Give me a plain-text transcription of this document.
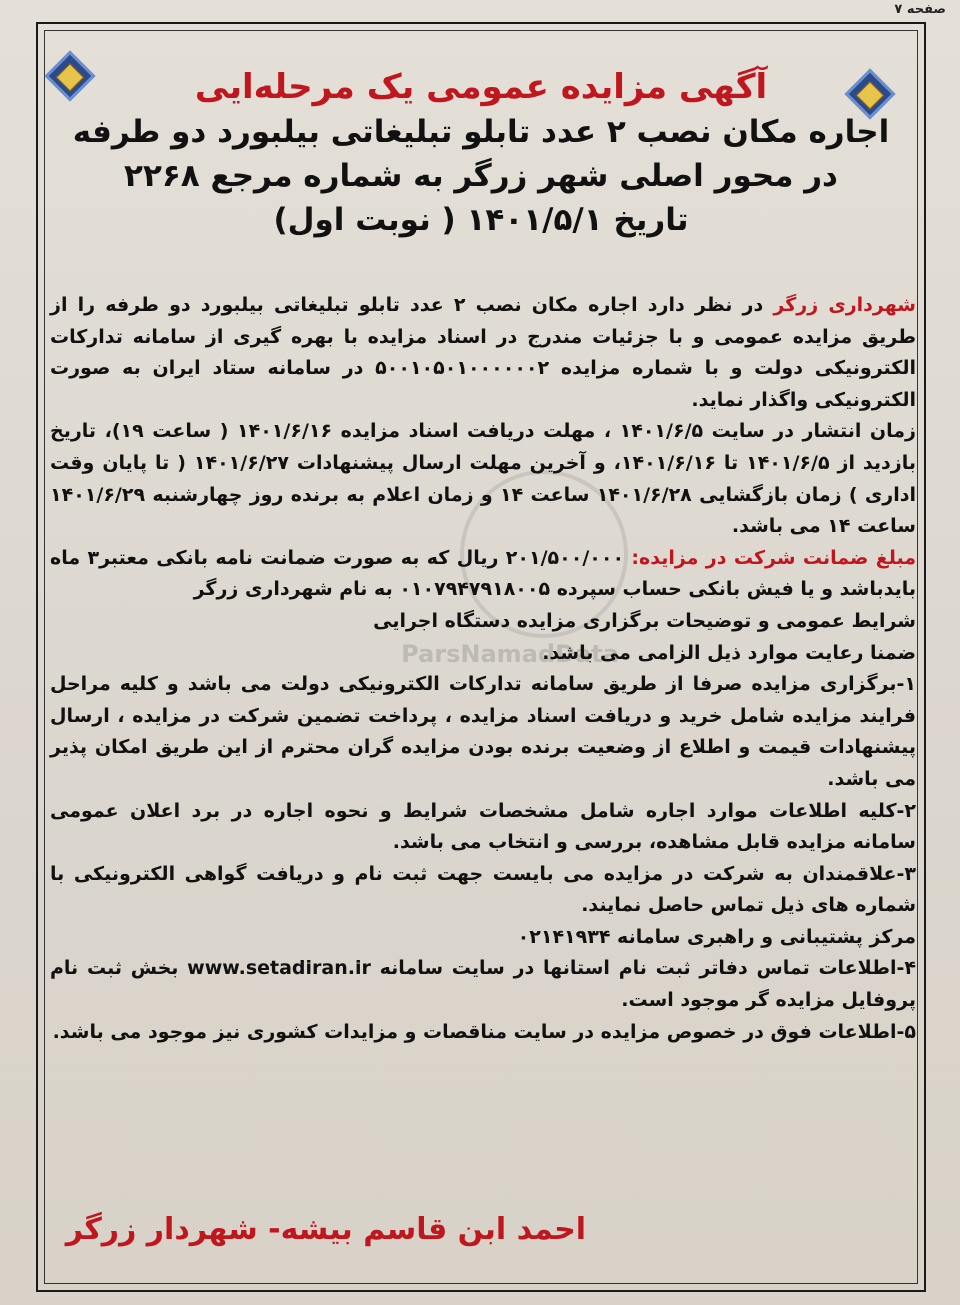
صفحه ۷
ParsNamadData
آگهی مزایده عمومی یک مرحله‌ایی
اجاره مکان نصب ۲ عدد تابلو تبلیغاتی بیلبورد دو طرفه
در محور اصلی شهر زرگر به شماره مرجع ۲۲۶۸
تاریخ ۱۴۰۱/۵/۱ ( نوبت اول)

شهرداری زرگر در نظر دارد اجاره مکان نصب ۲ عدد تابلو تبلیغاتی بیلبورد دو طرفه را از طریق مزایده عمومی و با جزئیات مندرج در اسناد مزایده با بهره گیری از سامانه تدارکات الکترونیکی دولت و با شماره مزایده ۵۰۰۱۰۵۰۱۰۰۰۰۰۰۲ در سامانه ستاد ایران به صورت الکترونیکی واگذار نماید.

زمان انتشار در سایت ۱۴۰۱/۶/۵ ، مهلت دریافت اسناد مزایده ۱۴۰۱/۶/۱۶ ( ساعت ۱۹)، تاریخ بازدید از ۱۴۰۱/۶/۵ تا ۱۴۰۱/۶/۱۶، و آخرین مهلت ارسال پیشنهادات ۱۴۰۱/۶/۲۷ ( تا پایان وقت اداری ) زمان بازگشایی ۱۴۰۱/۶/۲۸ ساعت ۱۴ و زمان اعلام به برنده روز چهارشنبه ۱۴۰۱/۶/۲۹ ساعت ۱۴ می باشد.

مبلغ ضمانت شرکت در مزایده: ۲۰۱/۵۰۰/۰۰۰ ریال که به صورت ضمانت نامه بانکی معتبر۳ ماه بایدباشد و یا فیش بانکی حساب سپرده ۰۱۰۷۹۴۷۹۱۸۰۰۵ به نام شهرداری زرگر

شرایط عمومی و توضیحات برگزاری مزایده دستگاه اجرایی

ضمنا رعایت موارد ذیل الزامی می باشد.

۱-برگزاری مزایده صرفا از طریق سامانه تدارکات الکترونیکی دولت می باشد و کلیه مراحل فرایند مزایده شامل خرید و دریافت اسناد مزایده ، پرداخت تضمین شرکت در مزایده ، ارسال پیشنهادات قیمت و اطلاع از وضعیت برنده بودن مزایده گران محترم از این طریق امکان پذیر می باشد.

۲-کلیه اطلاعات موارد اجاره شامل مشخصات شرایط و نحوه اجاره در برد اعلان عمومی سامانه مزایده قابل مشاهده، بررسی و انتخاب می باشد.

۳-علاقمندان به شرکت در مزایده می بایست جهت ثبت نام و دریافت گواهی الکترونیکی با شماره های ذیل تماس حاصل نمایند.

مرکز پشتیبانی و راهبری سامانه ۰۲۱۴۱۹۳۴

۴-اطلاعات تماس دفاتر ثبت نام استانها در سایت سامانه www.setadiran.ir بخش ثبت نام پروفایل مزایده گر موجود است.

۵-اطلاعات فوق در خصوص مزایده در سایت مناقصات و مزایدات کشوری نیز موجود می باشد.

احمد ابن قاسم بیشه- شهردار زرگر
